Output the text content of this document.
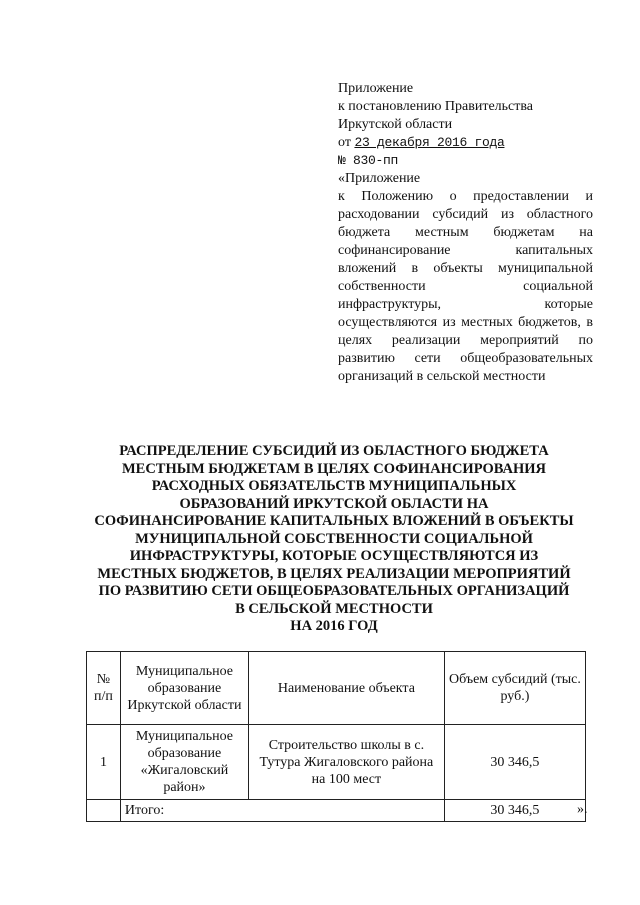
Приложение
к постановлению Правительства
Иркутской области
от 23 декабря 2016 года
№ 830-пп
«Приложение
к Положению о предоставлении и расходовании субсидий из областного бюджета местным бюджетам на софинансирование капитальных вложений в объекты муниципальной собственности социальной инфраструктуры, которые осуществляются из местных бюджетов, в целях реализации мероприятий по развитию сети общеобразовательных организаций в сельской местности
РАСПРЕДЕЛЕНИЕ СУБСИДИЙ ИЗ ОБЛАСТНОГО БЮДЖЕТА
МЕСТНЫМ БЮДЖЕТАМ В ЦЕЛЯХ СОФИНАНСИРОВАНИЯ
РАСХОДНЫХ ОБЯЗАТЕЛЬСТВ МУНИЦИПАЛЬНЫХ
ОБРАЗОВАНИЙ ИРКУТСКОЙ ОБЛАСТИ НА
СОФИНАНСИРОВАНИЕ КАПИТАЛЬНЫХ ВЛОЖЕНИЙ В ОБЪЕКТЫ
МУНИЦИПАЛЬНОЙ СОБСТВЕННОСТИ СОЦИАЛЬНОЙ
ИНФРАСТРУКТУРЫ, КОТОРЫЕ ОСУЩЕСТВЛЯЮТСЯ ИЗ
МЕСТНЫХ БЮДЖЕТОВ, В ЦЕЛЯХ РЕАЛИЗАЦИИ МЕРОПРИЯТИЙ
ПО РАЗВИТИЮ СЕТИ ОБЩЕОБРАЗОВАТЕЛЬНЫХ ОРГАНИЗАЦИЙ
В СЕЛЬСКОЙ МЕСТНОСТИ
НА 2016 ГОД
№ п/п	Муниципальное образование Иркутской области	Наименование объекта	Объем субсидий (тыс. руб.)
1	Муниципальное образование «Жигаловский район»	Строительство школы в с. Тутура Жигаловского района на 100 мест	30 346,5
	Итого:		30 346,5	».
